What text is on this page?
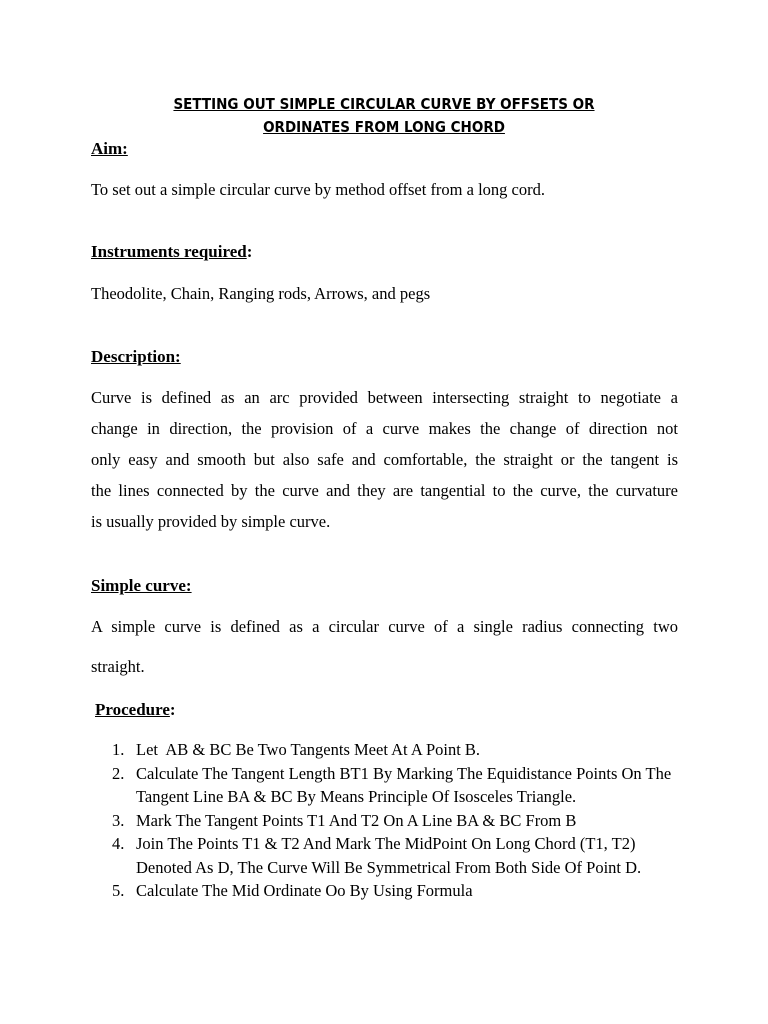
SETTING OUT SIMPLE CIRCULAR CURVE BY OFFSETS OR
ORDINATES FROM LONG CHORD
Aim:
To set out a simple circular curve by method offset from a long cord.
Instruments required:
Theodolite, Chain, Ranging rods, Arrows, and pegs
Description:
Curve is defined as an arc provided between intersecting straight to negotiate a
change in direction, the provision of a curve makes the change of direction not
only easy and smooth but also safe and comfortable, the straight or the tangent is
the lines connected by the curve and they are tangential to the curve, the curvature
is usually provided by simple curve.
Simple curve:
A simple curve is defined as a circular curve of a single radius connecting two
straight.
Procedure:
1. Let  AB & BC Be Two Tangents Meet At A Point B.
2. Calculate The Tangent Length BT1 By Marking The Equidistance Points On The Tangent Line BA & BC By Means Principle Of Isosceles Triangle.
3. Mark The Tangent Points T1 And T2 On A Line BA & BC From B
4. Join The Points T1 & T2 And Mark The MidPoint On Long Chord (T1, T2) Denoted As D, The Curve Will Be Symmetrical From Both Side Of Point D.
5. Calculate The Mid Ordinate Oo By Using Formula
